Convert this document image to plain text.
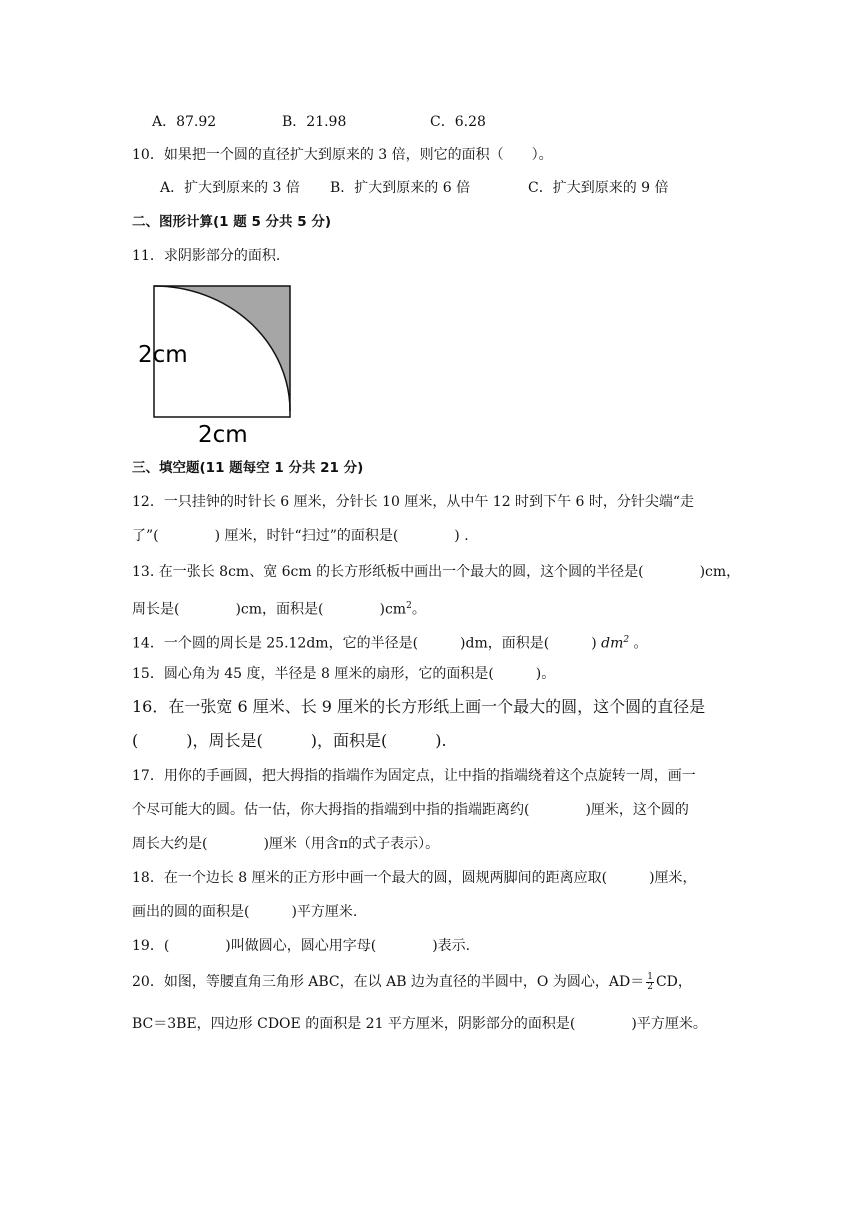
A．87.92	B．21.98	C．6.28
10．如果把一个圆的直径扩大到原来的 3 倍，则它的面积（　　）。
A．扩大到原来的 3 倍 B．扩大到原来的 6 倍	C．扩大到原来的 9 倍
二、图形计算(1 题 5 分共 5 分)
11．求阴影部分的面积.
2cm
2cm
三、填空题(11 题每空 1 分共 21 分)
12．一只挂钟的时针长 6 厘米，分针长 10 厘米，从中午 12 时到下午 6 时，分针尖端“走
了”(　　　　) 厘米，时针“扫过”的面积是(　　　　) .
13. 在一张长 8cm、宽 6cm 的长方形纸板中画出一个最大的圆，这个圆的半径是(　　　　)cm，
周长是(　　　　)cm，面积是(　　　　)$cm^2$。
14．一个圆的周长是 25.12dm，它的半径是(　　　)dm，面积是(　　　) $dm^2$ 。
15．圆心角为 45 度，半径是 8 厘米的扇形，它的面积是(　　　)。
16．在一张宽 6 厘米、长 9 厘米的长方形纸上画一个最大的圆，这个圆的直径是
(　　　)，周长是(　　　)，面积是(　　　).
17．用你的手画圆，把大拇指的指端作为固定点，让中指的指端绕着这个点旋转一周，画一
个尽可能大的圆。估一估，你大拇指的指端到中指的指端距离约(　　　　)厘米，这个圆的
周长大约是(　　　　)厘米（用含π的式子表示）。
18．在一个边长 8 厘米的正方形中画一个最大的圆，圆规两脚间的距离应取(　　　)厘米，
画出的圆的面积是(　　　)平方厘米.
19．(　　　　)叫做圆心，圆心用字母(　　　　)表示.
20．如图，等腰直角三角形 ABC，在以 AB 边为直径的半圆中，O 为圆心，$AD= \frac{1}{2}$ CD，
BC＝3BE，四边形 CDOE 的面积是 21 平方厘米，阴影部分的面积是(　　　　)平方厘米。
